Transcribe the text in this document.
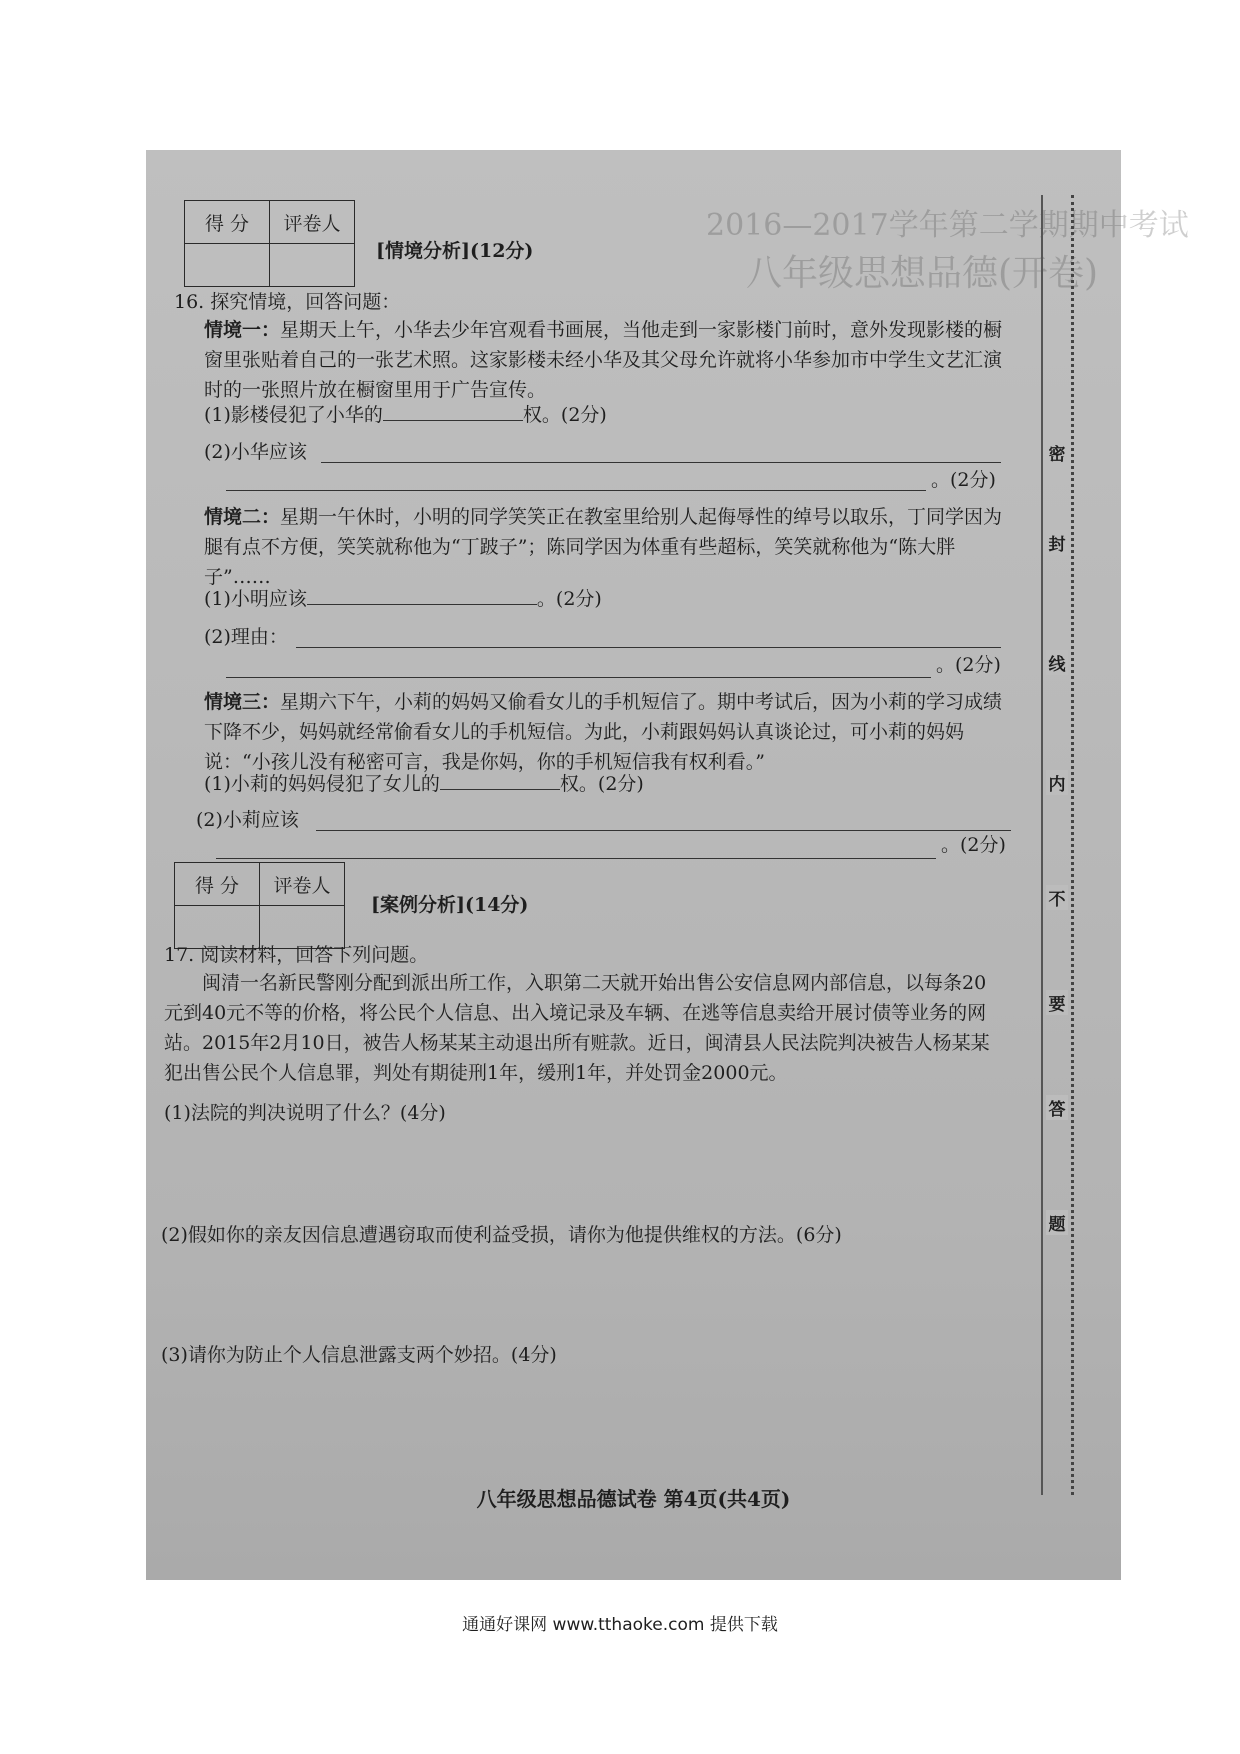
2016—2017学年第二学期期中考试
八年级思想品德(开卷)
密
封
线
内
不
要
答
题
得 分	评卷人

[情境分析](12分)
16. 探究情境，回答问题：
情境一：星期天上午，小华去少年宫观看书画展，当他走到一家影楼门前时，意外发现影楼的橱窗里张贴着自己的一张艺术照。这家影楼未经小华及其父母允许就将小华参加市中学生文艺汇演时的一张照片放在橱窗里用于广告宣传。
(1)影楼侵犯了小华的	权。(2分)
(2)小华应该
。(2分)
情境二：星期一午休时，小明的同学笑笑正在教室里给别人起侮辱性的绰号以取乐，丁同学因为腿有点不方便，笑笑就称他为“丁跛子”；陈同学因为体重有些超标，笑笑就称他为“陈大胖子”……
(1)小明应该	。(2分)
(2)理由：
。(2分)
情境三：星期六下午，小莉的妈妈又偷看女儿的手机短信了。期中考试后，因为小莉的学习成绩下降不少，妈妈就经常偷看女儿的手机短信。为此，小莉跟妈妈认真谈论过，可小莉的妈妈说：“小孩儿没有秘密可言，我是你妈，你的手机短信我有权利看。”
(1)小莉的妈妈侵犯了女儿的	权。(2分)
(2)小莉应该
。(2分)
得 分	评卷人

[案例分析](14分)
17. 阅读材料，回答下列问题。
闽清一名新民警刚分配到派出所工作，入职第二天就开始出售公安信息网内部信息，以每条20元到40元不等的价格，将公民个人信息、出入境记录及车辆、在逃等信息卖给开展讨债等业务的网站。2015年2月10日，被告人杨某某主动退出所有赃款。近日，闽清县人民法院判决被告人杨某某犯出售公民个人信息罪，判处有期徒刑1年，缓刑1年，并处罚金2000元。
(1)法院的判决说明了什么？(4分)
(2)假如你的亲友因信息遭遇窃取而使利益受损，请你为他提供维权的方法。(6分)
(3)请你为防止个人信息泄露支两个妙招。(4分)
八年级思想品德试卷 第4页(共4页)
通通好课网 www.tthaoke.com 提供下载
